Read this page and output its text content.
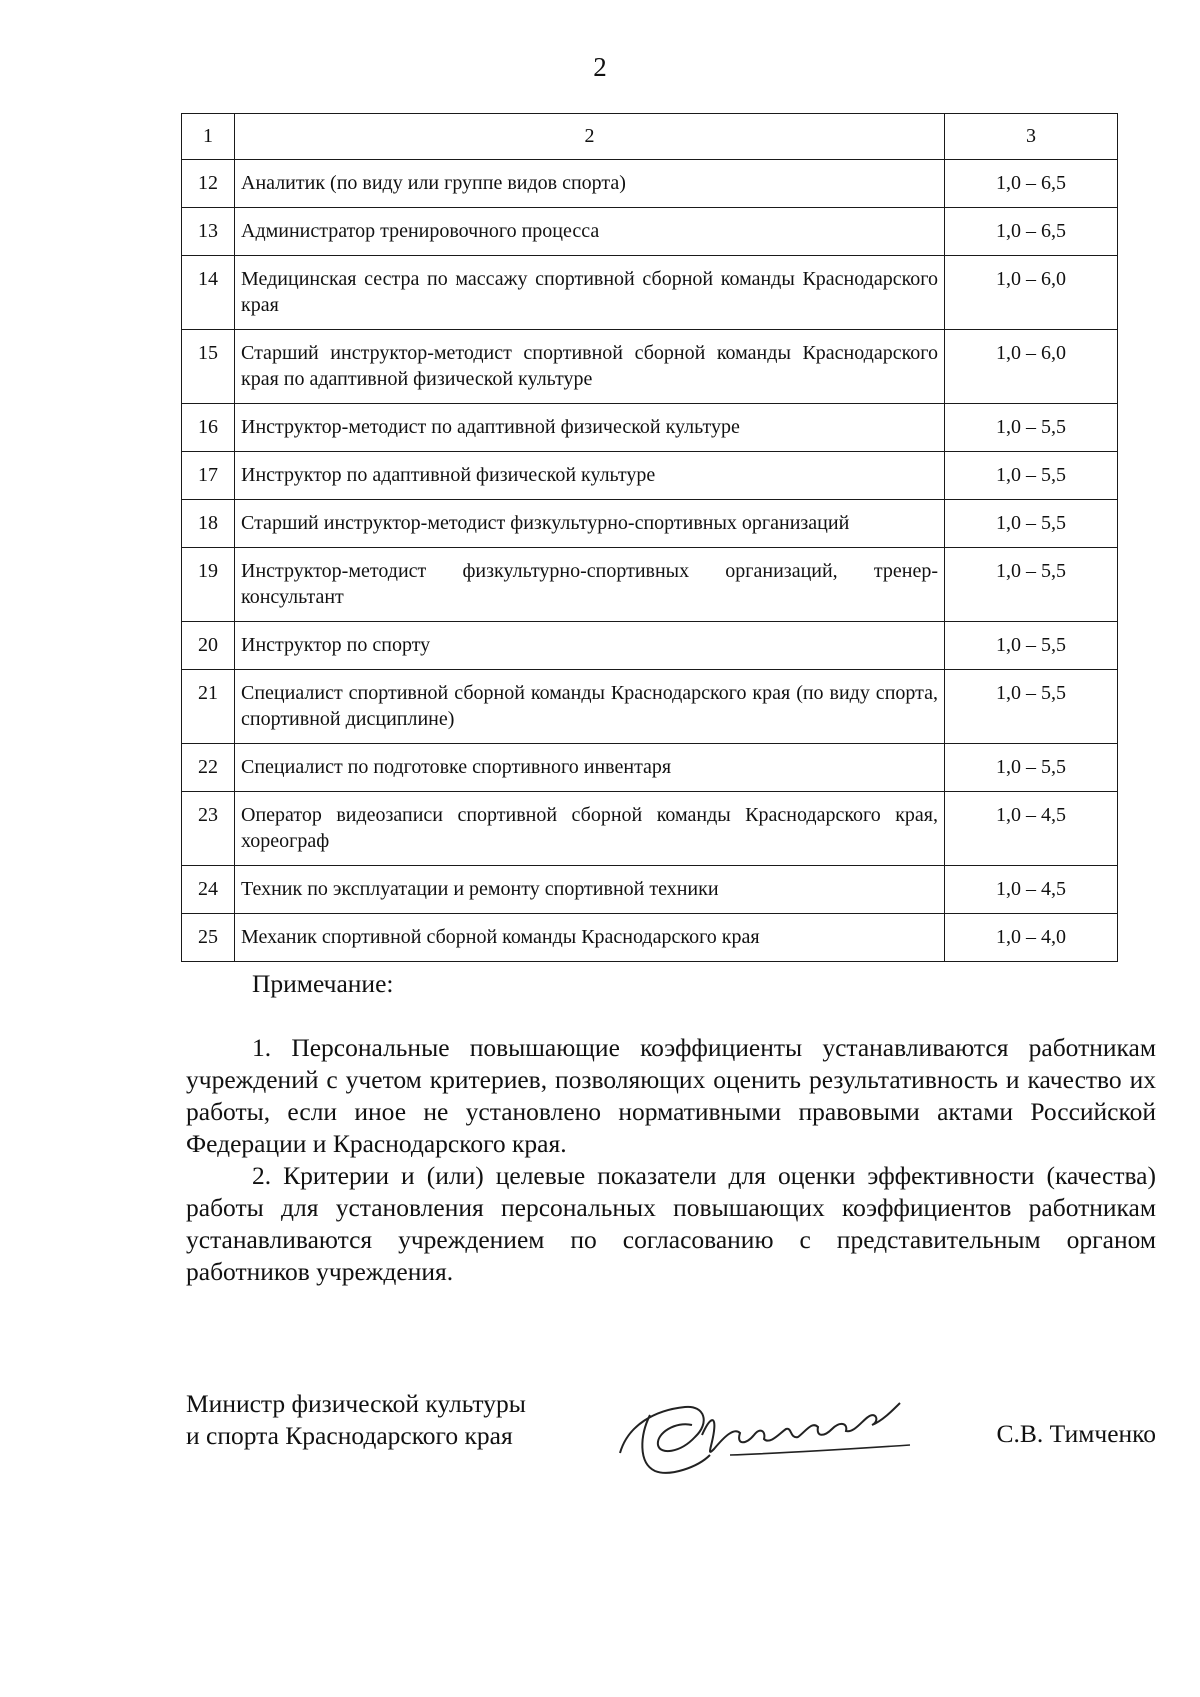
2
1	2	3
12	Аналитик (по виду или группе видов спорта)	1,0 – 6,5
13	Администратор тренировочного процесса	1,0 – 6,5
14	Медицинская сестра по массажу спортивной сборной команды Краснодарского края	1,0 – 6,0
15	Старший инструктор-методист спортивной сборной команды Краснодарского края по адаптивной физической культуре	1,0 – 6,0
16	Инструктор-методист по адаптивной физической культуре	1,0 – 5,5
17	Инструктор по адаптивной физической культуре	1,0 – 5,5
18	Старший инструктор-методист физкультурно-спортивных организаций	1,0 – 5,5
19	Инструктор-методист физкультурно-спортивных организаций, тренер-консультант	1,0 – 5,5
20	Инструктор по спорту	1,0 – 5,5
21	Специалист спортивной сборной команды Краснодарского края (по виду спорта, спортивной дисциплине)	1,0 – 5,5
22	Специалист по подготовке спортивного инвентаря	1,0 – 5,5
23	Оператор видеозаписи спортивной сборной команды Краснодарского края, хореограф	1,0 – 4,5
24	Техник по эксплуатации и ремонту спортивной техники	1,0 – 4,5
25	Механик спортивной сборной команды Краснодарского края	1,0 – 4,0
Примечание:

1. Персональные повышающие коэффициенты устанавливаются работникам учреждений с учетом критериев, позволяющих оценить результативность и качество их работы, если иное не установлено нормативными правовыми актами Российской Федерации и Краснодарского края.

2. Критерии и (или) целевые показатели для оценки эффективности (качества) работы для установления персональных повышающих коэффициентов работникам устанавливаются учреждением по согласованию с представительным органом работников учреждения.

Министр физической культуры
и спорта Краснодарского края	С.В. Тимченко
